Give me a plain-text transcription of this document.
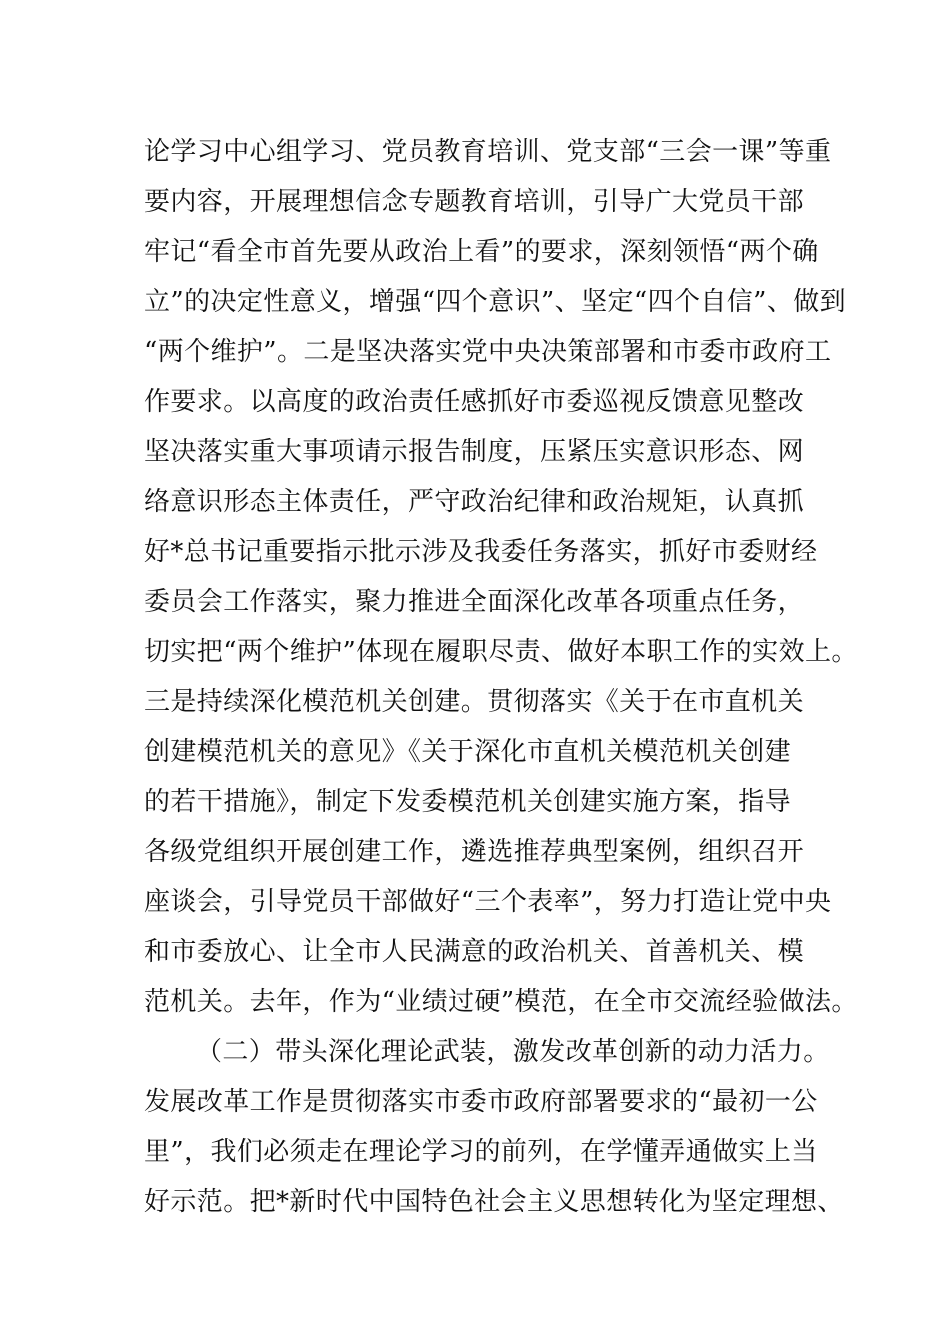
论学习中心组学习、党员教育培训、党支部“三会一课”等重
要内容，开展理想信念专题教育培训，引导广大党员干部
牢记“看全市首先要从政治上看”的要求，深刻领悟“两个确
立”的决定性意义，增强“四个意识”、坚定“四个自信”、做到
“两个维护”。二是坚决落实党中央决策部署和市委市政府工
作要求。以高度的政治责任感抓好市委巡视反馈意见整改
坚决落实重大事项请示报告制度，压紧压实意识形态、网
络意识形态主体责任，严守政治纪律和政治规矩，认真抓
好*总书记重要指示批示涉及我委任务落实，抓好市委财经
委员会工作落实，聚力推进全面深化改革各项重点任务，
切实把“两个维护”体现在履职尽责、做好本职工作的实效上。
三是持续深化模范机关创建。贯彻落实《关于在市直机关
创建模范机关的意见》《关于深化市直机关模范机关创建
的若干措施》，制定下发委模范机关创建实施方案，指导
各级党组织开展创建工作，遴选推荐典型案例，组织召开
座谈会，引导党员干部做好“三个表率”，努力打造让党中央
和市委放心、让全市人民满意的政治机关、首善机关、模
范机关。去年，作为“业绩过硬”模范，在全市交流经验做法。
（二）带头深化理论武装，激发改革创新的动力活力。
发展改革工作是贯彻落实市委市政府部署要求的“最初一公
里”，我们必须走在理论学习的前列，在学懂弄通做实上当
好示范。把*新时代中国特色社会主义思想转化为坚定理想、
